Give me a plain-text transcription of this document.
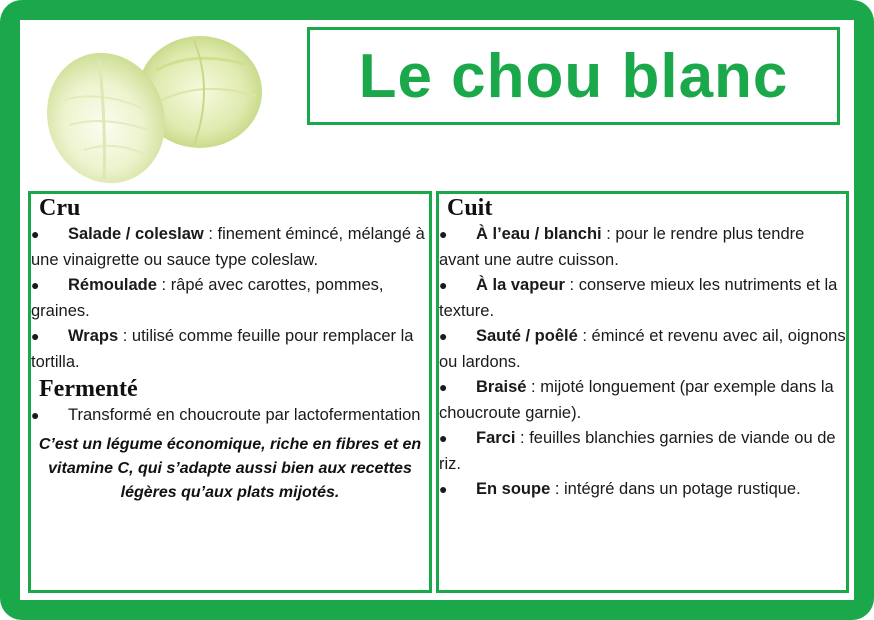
Le chou blanc
Cru
● Salade / coleslaw : finement émincé, mélangé à une vinaigrette ou sauce type coleslaw.
● Rémoulade : râpé avec carottes, pommes, graines.
● Wraps : utilisé comme feuille pour remplacer la tortilla.
Fermenté
● Transformé en choucroute par lactofermentation
C’est un légume économique, riche en fibres et en vitamine C, qui s’adapte aussi bien aux recettes légères qu’aux plats mijotés.
Cuit
● À l’eau / blanchi : pour le rendre plus tendre avant une autre cuisson.
● À la vapeur : conserve mieux les nutriments et la texture.
● Sauté / poêlé : émincé et revenu avec ail, oignons ou lardons.
● Braisé : mijoté longuement (par exemple dans la choucroute garnie).
● Farci : feuilles blanchies garnies de viande ou de riz.
● En soupe : intégré dans un potage rustique.
